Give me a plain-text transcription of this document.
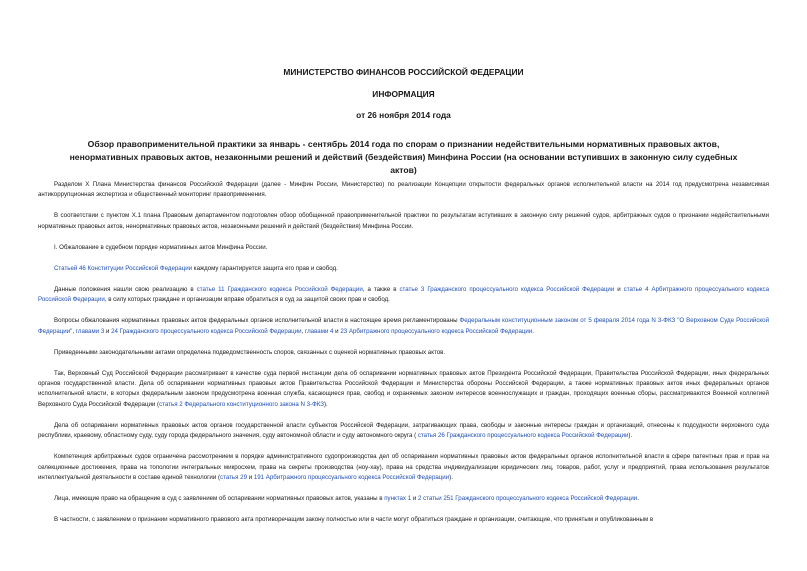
МИНИСТЕРСТВО ФИНАНСОВ РОССИЙСКОЙ ФЕДЕРАЦИИ
ИНФОРМАЦИЯ
от 26 ноября 2014 года
Обзор правоприменительной практики за январь - сентябрь 2014 года по спорам о признании недействительными нормативных правовых актов, ненормативных правовых актов, незаконными решений и действий (бездействия) Минфина России (на основании вступивших в законную силу судебных актов)

Разделом X Плана Министерства финансов Российской Федерации (далее - Минфин России, Министерство) по реализации Концепции открытости федеральных органов исполнительной власти на 2014 год предусмотрена независимая антикоррупционная экспертиза и общественный мониторинг правоприменения.

В соответствии с пунктом X.1 плана Правовым департаментом подготовлен обзор обобщенной правоприменительной практики по результатам вступивших в законную силу решений судов, арбитражных судов о признании недействительными нормативных правовых актов, ненормативных правовых актов, незаконными решений и действий (бездействия) Минфина России.

I. Обжалование в судебном порядке нормативных актов Минфина России.

Статьей 46 Конституции Российской Федерации каждому гарантируется защита его прав и свобод.

Данные положения нашли свою реализацию в статье 11 Гражданского кодекса Российской Федерации, а также в статье 3 Гражданского процессуального кодекса Российской Федерации и статье 4 Арбитражного процессуального кодекса Российской Федерации, в силу которых граждане и организации вправе обратиться в суд за защитой своих прав и свобод.

Вопросы обжалования нормативных правовых актов федеральных органов исполнительной власти в настоящее время регламентированы Федеральным конституционным законом от 5 февраля 2014 года N 3-ФКЗ "О Верховном Суде Российской Федерации", главами 3 и 24 Гражданского процессуального кодекса Российской Федерации, главами 4 и 23 Арбитражного процессуального кодекса Российской Федерации.

Приведенными законодательными актами определена подведомственность споров, связанных с оценкой нормативных правовых актов.

Так, Верховный Суд Российской Федерации рассматривает в качестве суда первой инстанции дела об оспаривании нормативных правовых актов Президента Российской Федерации, Правительства Российской Федерации, иных федеральных органов государственной власти. Дела об оспаривании нормативных правовых актов Правительства Российской Федерации и Министерства обороны Российской Федерации, а также нормативных правовых актов иных федеральных органов исполнительной власти, в которых федеральным законом предусмотрена военная служба, касающиеся прав, свобод и охраняемых законом интересов военнослужащих и граждан, проходящих военные сборы, рассматриваются Военной коллегией Верховного Суда Российской Федерации (статья 2 Федерального конституционного закона N 3-ФКЗ).

Дела об оспаривании нормативных правовых актов органов государственной власти субъектов Российской Федерации, затрагивающих права, свободы и законные интересы граждан и организаций, отнесены к подсудности верховного суда республики, краевому, областному суду, суду города федерального значения, суду автономной области и суду автономного округа ( статья 26 Гражданского процессуального кодекса Российской Федерации).

Компетенция арбитражных судов ограничена рассмотрением в порядке административного судопроизводства дел об оспаривании нормативных правовых актов федеральных органов исполнительной власти в сфере патентных прав и прав на селекционные достижения, права на топологии интегральных микросхем, права на секреты производства (ноу-хау), права на средства индивидуализации юридических лиц, товаров, работ, услуг и предприятий, права использования результатов интеллектуальной деятельности в составе единой технологии (статья 29 и 191 Арбитражного процессуального кодекса Российской Федерации).

Лица, имеющие право на обращение в суд с заявлением об оспаривании нормативных правовых актов, указаны в пунктах 1 и 2 статьи 251 Гражданского процессуального кодекса Российской Федерации.

В частности, с заявлением о признании нормативного правового акта противоречащим закону полностью или в части могут обратиться граждане и организации, считающие, что принятым и опубликованным в
